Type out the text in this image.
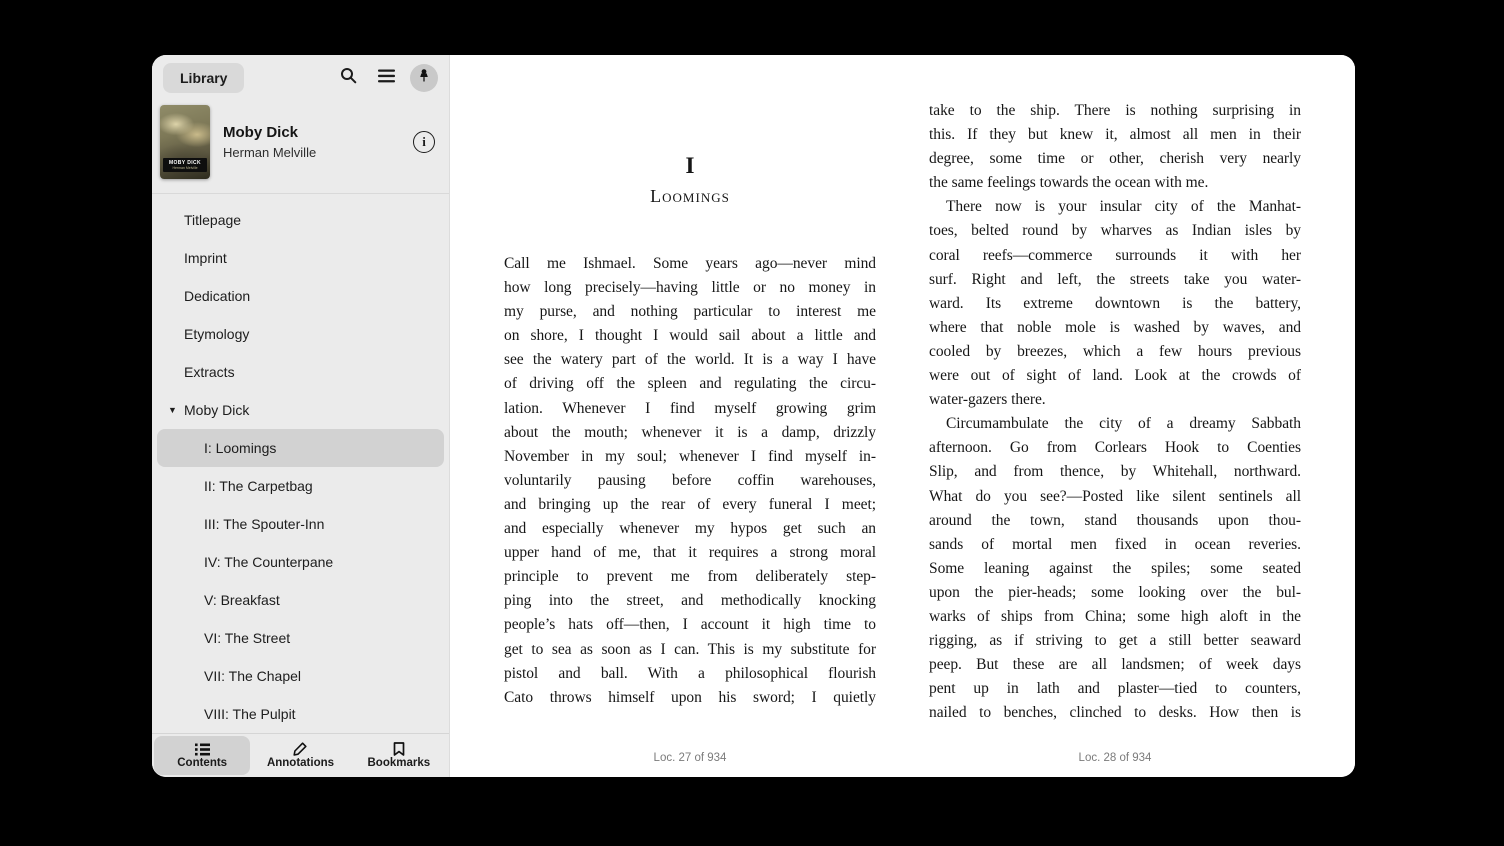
Library
MOBY DICK
Herman Melville
Moby Dick
Herman Melville
i
Titlepage
Imprint
Dedication
Etymology
Extracts
▼ Moby Dick
I: Loomings
II: The Carpetbag
III: The Spouter-Inn
IV: The Counterpane
V: Breakfast
VI: The Street
VII: The Chapel
VIII: The Pulpit
Contents	Annotations	Bookmarks
I
Loomings
Call me Ishmael. Some years ago—never mind
how long precisely—having little or no money in
my purse, and nothing particular to interest me
on shore, I thought I would sail about a little and
see the watery part of the world. It is a way I have
of driving off the spleen and regulating the circu-
lation. Whenever I find myself growing grim
about the mouth; whenever it is a damp, drizzly
November in my soul; whenever I find myself in-
voluntarily pausing before coffin warehouses,
and bringing up the rear of every funeral I meet;
and especially whenever my hypos get such an
upper hand of me, that it requires a strong moral
principle to prevent me from deliberately step-
ping into the street, and methodically knocking
people’s hats off—then, I account it high time to
get to sea as soon as I can. This is my substitute for
pistol and ball. With a philosophical flourish
Cato throws himself upon his sword; I quietly
Loc. 27 of 934
take to the ship. There is nothing surprising in
this. If they but knew it, almost all men in their
degree, some time or other, cherish very nearly
the same feelings towards the ocean with me.
There now is your insular city of the Manhat-
toes, belted round by wharves as Indian isles by
coral reefs—commerce surrounds it with her
surf. Right and left, the streets take you water-
ward. Its extreme downtown is the battery,
where that noble mole is washed by waves, and
cooled by breezes, which a few hours previous
were out of sight of land. Look at the crowds of
water-gazers there.
Circumambulate the city of a dreamy Sabbath
afternoon. Go from Corlears Hook to Coenties
Slip, and from thence, by Whitehall, northward.
What do you see?—Posted like silent sentinels all
around the town, stand thousands upon thou-
sands of mortal men fixed in ocean reveries.
Some leaning against the spiles; some seated
upon the pier-heads; some looking over the bul-
warks of ships from China; some high aloft in the
rigging, as if striving to get a still better seaward
peep. But these are all landsmen; of week days
pent up in lath and plaster—tied to counters,
nailed to benches, clinched to desks. How then is
Loc. 28 of 934
